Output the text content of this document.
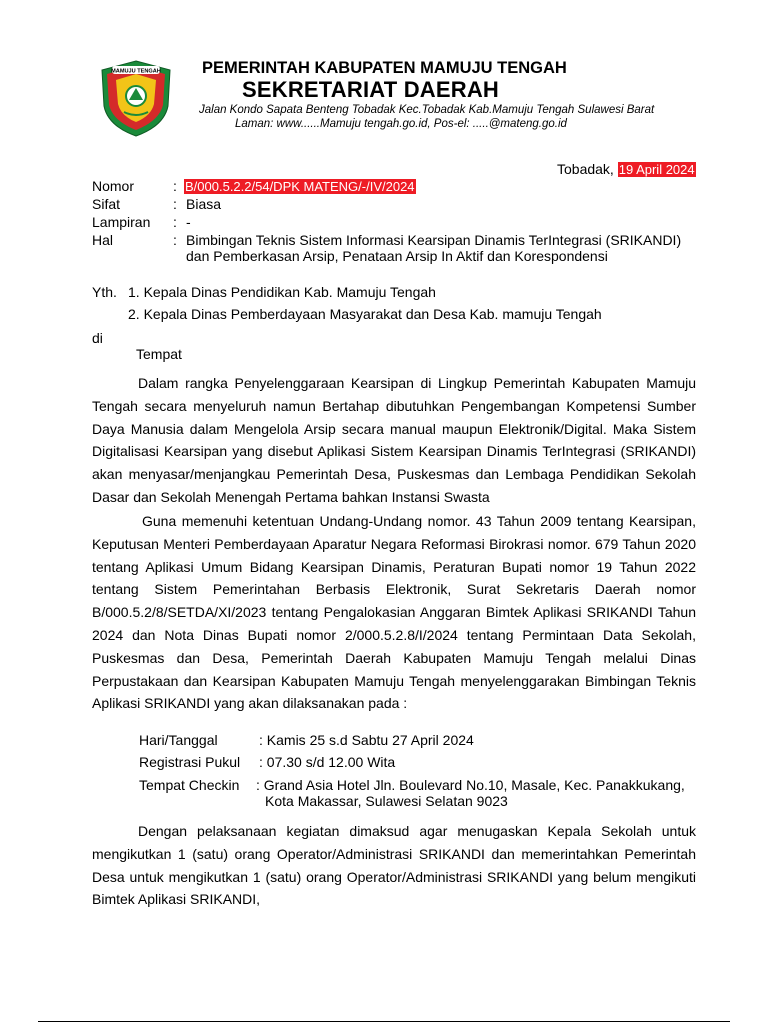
MAMUJU TENGAH PEMERINTAH KABUPATEN MAMUJU TENGAH
SEKRETARIAT DAERAH
Jalan Kondo Sapata Benteng Tobadak Kec.Tobadak Kab.Mamuju Tengah Sulawesi Barat
Laman: www......Mamuju tengah.go.id, Pos-el: .....@mateng.go.id
Tobadak, 19 April 2024
Nomor	: B/000.5.2.2/54/DPK MATENG/-/IV/2024
Sifat	: Biasa
Lampiran : -
Hal	: Bimbingan Teknis Sistem Informasi Kearsipan Dinamis TerIntegrasi (SRIKANDI)
dan Pemberkasan Arsip, Penataan Arsip In Aktif dan Korespondensi
Yth. 1. Kepala Dinas Pendidikan Kab. Mamuju Tengah
2. Kepala Dinas Pemberdayaan Masyarakat dan Desa Kab. mamuju Tengah
di
Tempat
Dalam rangka Penyelenggaraan Kearsipan di Lingkup Pemerintah Kabupaten Mamuju Tengah secara menyeluruh namun Bertahap dibutuhkan Pengembangan Kompetensi Sumber Daya Manusia dalam Mengelola Arsip secara manual maupun Elektronik/Digital. Maka Sistem Digitalisasi Kearsipan yang disebut Aplikasi Sistem Kearsipan Dinamis TerIntegrasi (SRIKANDI) akan menyasar/menjangkau Pemerintah Desa, Puskesmas dan Lembaga Pendidikan Sekolah Dasar dan Sekolah Menengah Pertama bahkan Instansi Swasta
Guna memenuhi ketentuan Undang-Undang nomor. 43 Tahun 2009 tentang Kearsipan, Keputusan Menteri Pemberdayaan Aparatur Negara Reformasi Birokrasi nomor. 679 Tahun 2020 tentang Aplikasi Umum Bidang Kearsipan Dinamis, Peraturan Bupati nomor 19 Tahun 2022 tentang Sistem Pemerintahan Berbasis Elektronik, Surat Sekretaris Daerah nomor B/000.5.2/8/SETDA/XI/2023 tentang Pengalokasian Anggaran Bimtek Aplikasi SRIKANDI Tahun 2024 dan Nota Dinas Bupati nomor 2/000.5.2.8/I/2024 tentang Permintaan Data Sekolah, Puskesmas dan Desa, Pemerintah Daerah Kabupaten Mamuju Tengah melalui Dinas Perpustakaan dan Kearsipan Kabupaten Mamuju Tengah menyelenggarakan Bimbingan Teknis Aplikasi SRIKANDI yang akan dilaksanakan pada :
Hari/Tanggal	: Kamis 25 s.d Sabtu 27 April 2024
Registrasi Pukul : 07.30 s/d 12.00 Wita
Tempat Checkin : Grand Asia Hotel Jln. Boulevard No.10, Masale, Kec. Panakkukang,
Kota Makassar, Sulawesi Selatan 9023
Dengan pelaksanaan kegiatan dimaksud agar menugaskan Kepala Sekolah untuk mengikutkan 1 (satu) orang Operator/Administrasi SRIKANDI dan memerintahkan Pemerintah Desa untuk mengikutkan 1 (satu) orang Operator/Administrasi SRIKANDI yang belum mengikuti Bimtek Aplikasi SRIKANDI,
